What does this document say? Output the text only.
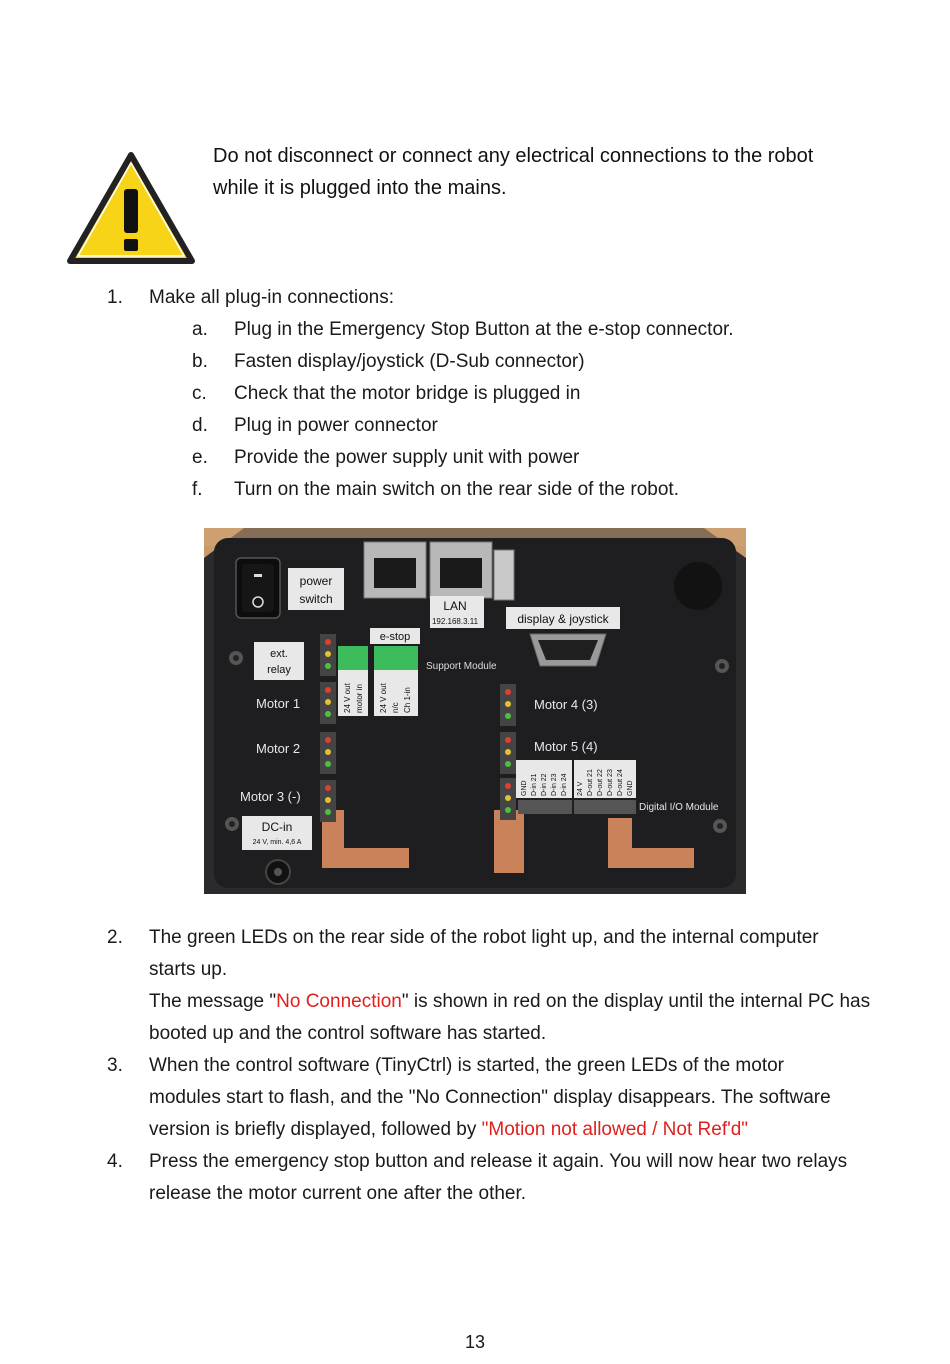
Do not disconnect or connect any electrical connections to the robot
while it is plugged into the mains.
1. Make all plug-in connections:
a. Plug in the Emergency Stop Button at the e-stop connector.
b. Fasten display/joystick (D-Sub connector)
c. Check that the motor bridge is plugged in
d. Plug in power connector
e. Provide the power supply unit with power
f. Turn on the main switch on the rear side of the robot.
power
switch	LAN
192.168.3.11	display & joystick
ext.
relay
e-stop
Support Module
24 V out motor in 24 V out n/c Ch 1-in
Motor 1
Motor 2
Motor 3 (-)
Motor 4 (3)
Motor 5 (4)
GND D-in 21 D-in 22 D-in 23 D-in 24 24 V D-out 21 D-out 22 D-out 23 D-out 24 GND
Digital I/O Module
DC-in
24 V, min. 4,6 A
2. The green LEDs on the rear side of the robot light up, and the internal computer
starts up.
The message "No Connection" is shown in red on the display until the internal PC has
booted up and the control software has started.
3. When the control software (TinyCtrl) is started, the green LEDs of the motor
modules start to flash, and the "No Connection" display disappears. The software
version is briefly displayed, followed by "Motion not allowed / Not Ref'd"
4. Press the emergency stop button and release it again. You will now hear two relays
release the motor current one after the other.
13
